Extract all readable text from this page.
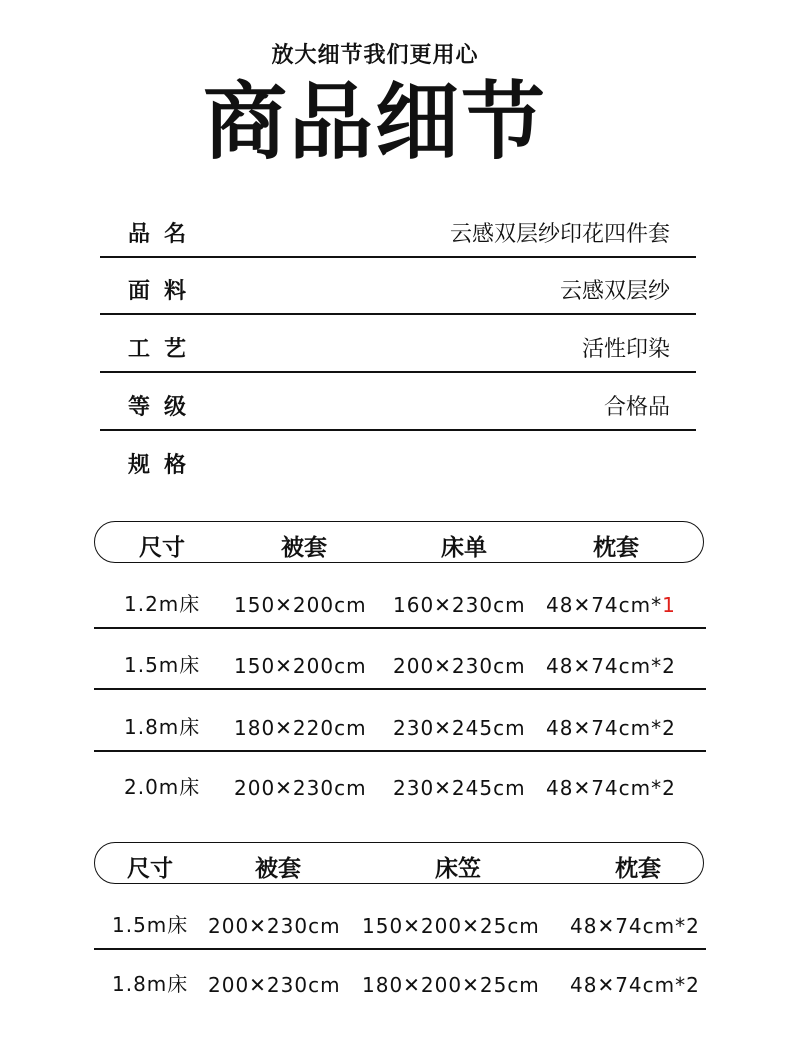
放大细节我们更用心
商品细节
品名	云感双层纱印花四件套
面料	云感双层纱
工艺	活性印染
等级	合格品
规格
尺寸	被套	床单	枕套
1.2m床 150✕200cm 160✕230cm 48✕74cm*1
1.5m床 150✕200cm 200✕230cm 48✕74cm*2
1.8m床 180✕220cm 230✕245cm 48✕74cm*2
2.0m床 200✕230cm 230✕245cm 48✕74cm*2
尺寸	被套	床笠	枕套
1.5m床 200✕230cm 150✕200✕25cm 48✕74cm*2
1.8m床 200✕230cm 180✕200✕25cm 48✕74cm*2
